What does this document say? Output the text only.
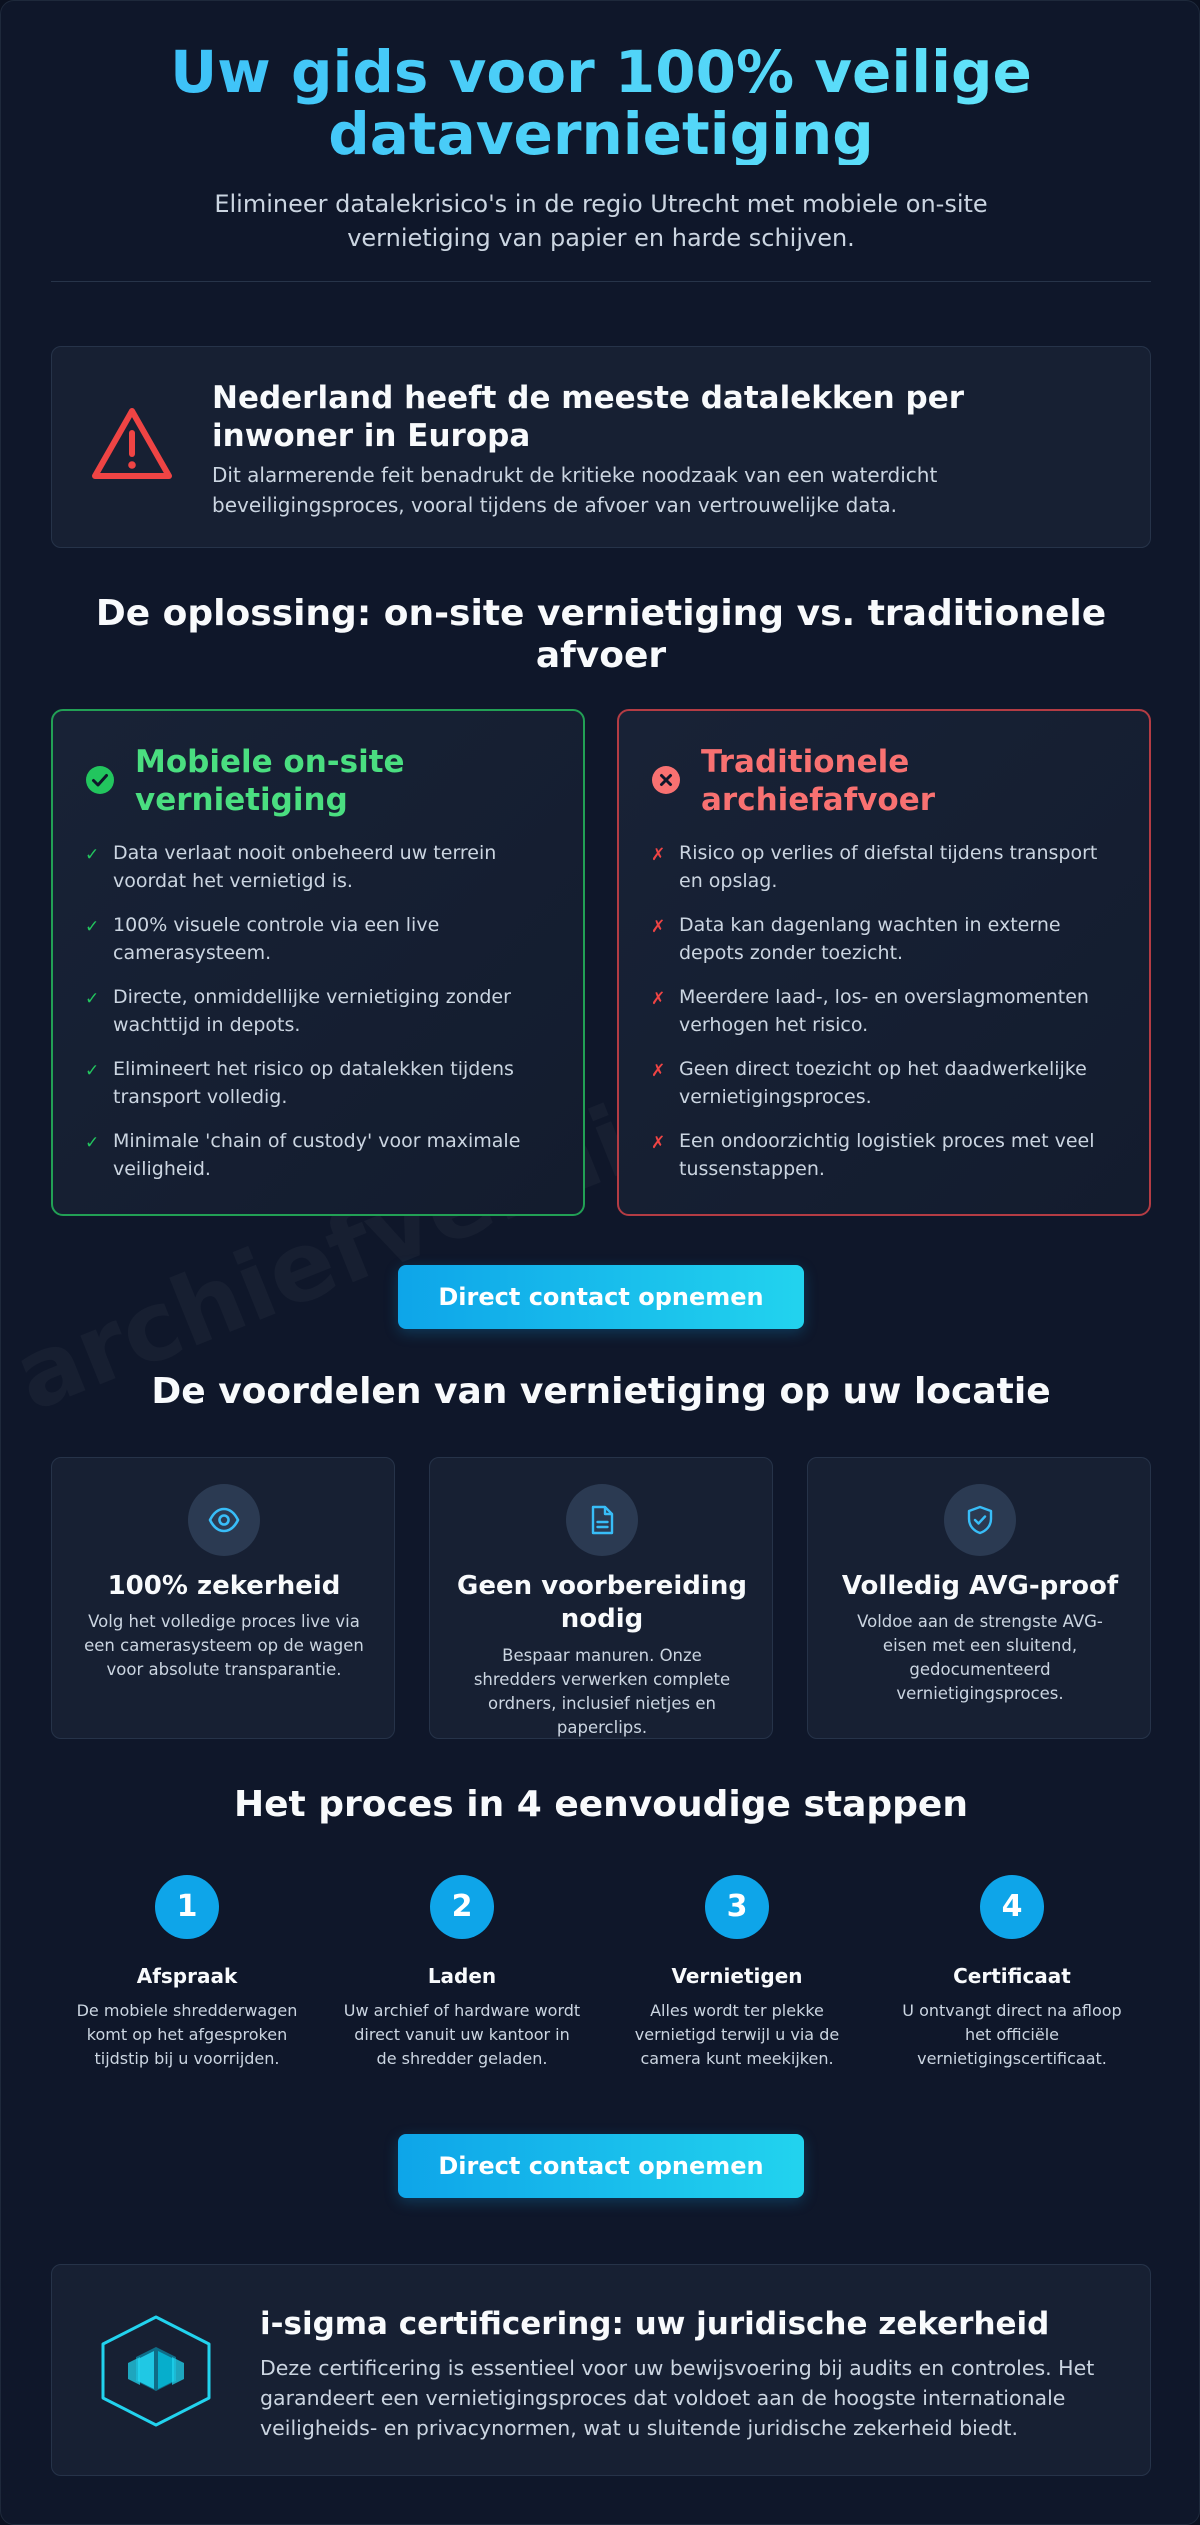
Uw gids voor 100% veilige datavernietiging

Elimineer datalekrisico's in de regio Utrecht met mobiele on-site vernietiging van papier en harde schijven.

Nederland heeft de meeste datalekken per inwoner in Europa

Dit alarmerende feit benadrukt de kritieke noodzaak van een waterdicht beveiligingsproces, vooral tijdens de afvoer van vertrouwelijke data.

De oplossing: on-site vernietiging vs. traditionele afvoer
Mobiele on-site vernietiging
✓ Data verlaat nooit onbeheerd uw terrein voordat het vernietigd is.
✓ 100% visuele controle via een live camerasysteem.
✓ Directe, onmiddellijke vernietiging zonder wachttijd in depots.
✓ Elimineert het risico op datalekken tijdens transport volledig.
✓ Minimale 'chain of custody' voor maximale veiligheid.
Traditionele archiefafvoer
✗ Risico op verlies of diefstal tijdens transport en opslag.
✗ Data kan dagenlang wachten in externe depots zonder toezicht.
✗ Meerdere laad-, los- en overslagmomenten verhogen het risico.
✗ Geen direct toezicht op het daadwerkelijke vernietigingsproces.
✗ Een ondoorzichtig logistiek proces met veel tussenstappen.
Direct contact opnemen
De voordelen van vernietiging op uw locatie
100% zekerheid

Volg het volledige proces live via een camerasysteem op de wagen voor absolute transparantie.

Geen voorbereiding nodig

Bespaar manuren. Onze shredders verwerken complete ordners, inclusief nietjes en paperclips.

Volledig AVG-proof

Voldoe aan de strengste AVG-eisen met een sluitend, gedocumenteerd vernietigingsproces.

Het proces in 4 eenvoudige stappen
1
Afspraak

De mobiele shredderwagen komt op het afgesproken tijdstip bij u voorrijden.

2
Laden

Uw archief of hardware wordt direct vanuit uw kantoor in de shredder geladen.

3
Vernietigen

Alles wordt ter plekke vernietigd terwijl u via de camera kunt meekijken.

4
Certificaat

U ontvangt direct na afloop het officiële vernietigingscertificaat.

Direct contact opnemen
i-sigma certificering: uw juridische zekerheid

Deze certificering is essentieel voor uw bewijsvoering bij audits en controles. Het garandeert een vernietigingsproces dat voldoet aan de hoogste internationale veiligheids- en privacynormen, wat u sluitende juridische zekerheid biedt.
